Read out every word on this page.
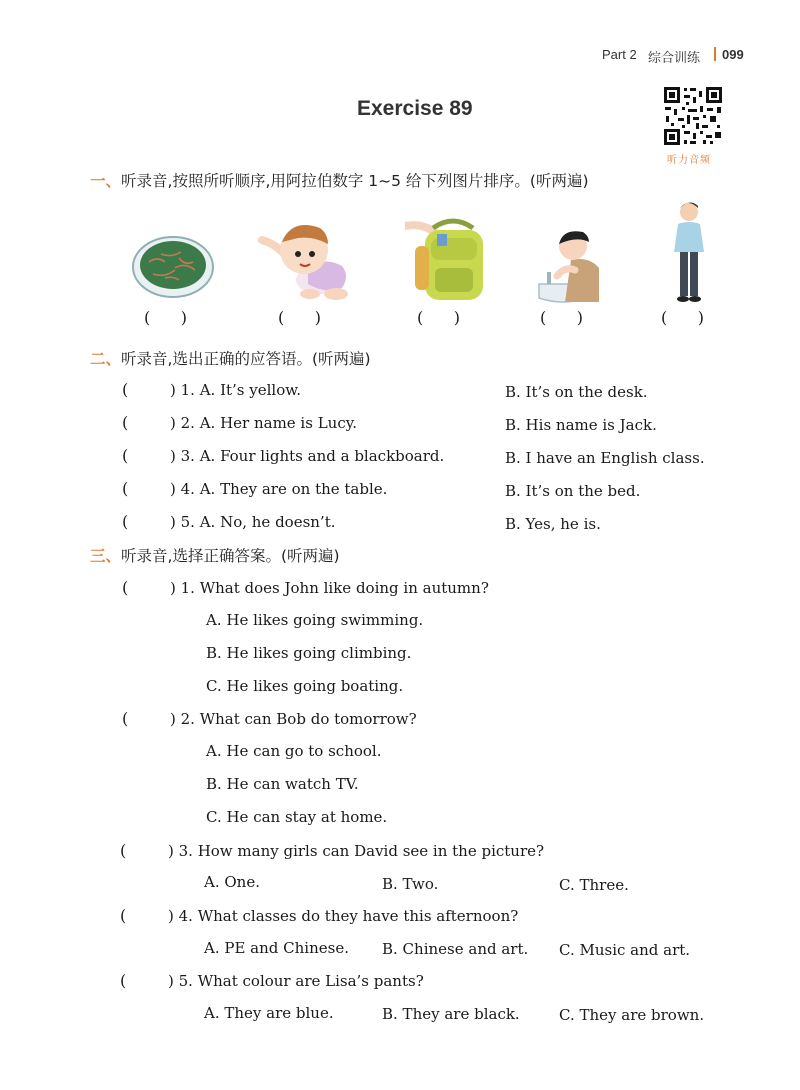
Part 2 综合训练 099
Exercise 89
听力音频
一、听录音,按照所听顺序,用阿拉伯数字 1~5 给下列图片排序。(听两遍)
(      )	(      )	(      )	(      )	(      )
二、听录音,选出正确的应答语。(听两遍)
(	) 1. A. It’s yellow.	B. It’s on the desk.
(	) 2. A. Her name is Lucy.	B. His name is Jack.
(	) 3. A. Four lights and a blackboard.	B. I have an English class.
(	) 4. A. They are on the table.	B. It’s on the bed.
(	) 5. A. No, he doesn’t.	B. Yes, he is.
三、听录音,选择正确答案。(听两遍)
(	) 1. What does John like doing in autumn?
A. He likes going swimming.
B. He likes going climbing.
C. He likes going boating.
(	) 2. What can Bob do tomorrow?
A. He can go to school.
B. He can watch TV.
C. He can stay at home.
(	) 3. How many girls can David see in the picture?
A. One.	B. Two.	C. Three.
(	) 4. What classes do they have this afternoon?
A. PE and Chinese. B. Chinese and art. C. Music and art.
(	) 5. What colour are Lisa’s pants?
A. They are blue.	B. They are black.	C. They are brown.
